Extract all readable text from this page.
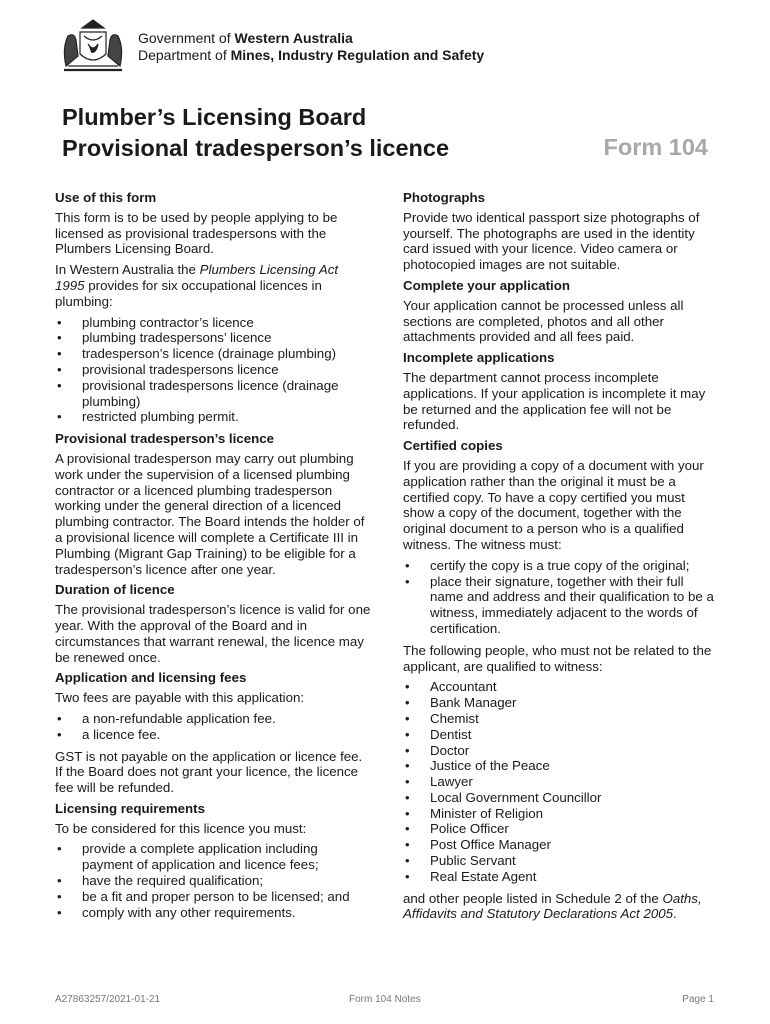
Government of Western Australia
Department of Mines, Industry Regulation and Safety
Plumber’s Licensing Board
Provisional tradesperson’s licence	Form 104
Use of this form

This form is to be used by people applying to be licensed as provisional tradespersons with the Plumbers Licensing Board.

In Western Australia the Plumbers Licensing Act 1995 provides for six occupational licences in plumbing:

• plumbing contractor’s licence
• plumbing tradespersons’ licence
• tradesperson’s licence (drainage plumbing)
• provisional tradespersons licence
• provisional tradespersons licence (drainage plumbing)
• restricted plumbing permit.
Provisional tradesperson’s licence

A provisional tradesperson may carry out plumbing work under the supervision of a licensed plumbing contractor or a licenced plumbing tradesperson working under the general direction of a licenced plumbing contractor. The Board intends the holder of a provisional licence will complete a Certificate III in Plumbing (Migrant Gap Training) to be eligible for a tradesperson’s licence after one year.

Duration of licence

The provisional tradesperson’s licence is valid for one year. With the approval of the Board and in circumstances that warrant renewal, the licence may be renewed once.

Application and licensing fees

Two fees are payable with this application:

• a non-refundable application fee.
• a licence fee.

GST is not payable on the application or licence fee. If the Board does not grant your licence, the licence fee will be refunded.

Licensing requirements

To be considered for this licence you must:

• provide a complete application including payment of application and licence fees;
• have the required qualification;
• be a fit and proper person to be licensed; and
• comply with any other requirements.
Photographs

Provide two identical passport size photographs of yourself. The photographs are used in the identity card issued with your licence. Video camera or photocopied images are not suitable.

Complete your application

Your application cannot be processed unless all sections are completed, photos and all other attachments provided and all fees paid.

Incomplete applications

The department cannot process incomplete applications. If your application is incomplete it may be returned and the application fee will not be refunded.

Certified copies

If you are providing a copy of a document with your application rather than the original it must be a certified copy. To have a copy certified you must show a copy of the document, together with the original document to a person who is a qualified witness. The witness must:

• certify the copy is a true copy of the original;
• place their signature, together with their full name and address and their qualification to be a witness, immediately adjacent to the words of certification.

The following people, who must not be related to the applicant, are qualified to witness:

• Accountant
• Bank Manager
• Chemist
• Dentist
• Doctor
• Justice of the Peace
• Lawyer
• Local Government Councillor
• Minister of Religion
• Police Officer
• Post Office Manager
• Public Servant
• Real Estate Agent

and other people listed in Schedule 2 of the Oaths, Affidavits and Statutory Declarations Act 2005.

A27863257/2021-01-21	Form 104 Notes	Page 1
